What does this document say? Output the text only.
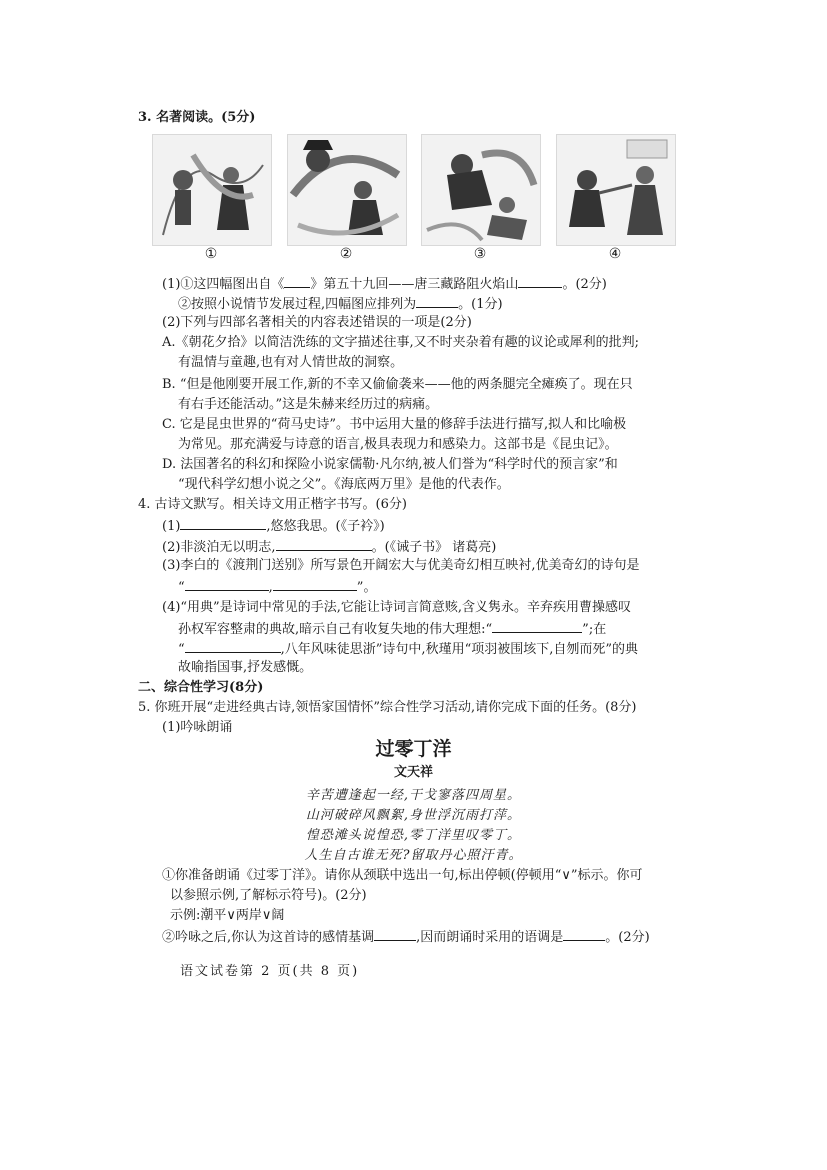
3. 名著阅读。(5分)
①	②	③	④
(1)①这四幅图出自《 》第五十九回——唐三藏路阻火焰山	。(2分)
②按照小说情节发展过程,四幅图应排列为	。(1分)
(2)下列与四部名著相关的内容表述错误的一项是(2分)
A.《朝花夕拾》以简洁洗练的文字描述往事,又不时夹杂着有趣的议论或犀利的批判;
有温情与童趣,也有对人情世故的洞察。
B. “但是他刚要开展工作,新的不幸又偷偷袭来——他的两条腿完全瘫痪了。现在只
有右手还能活动。”这是朱赫来经历过的病痛。
C. 它是昆虫世界的“荷马史诗”。书中运用大量的修辞手法进行描写,拟人和比喻极
为常见。那充满爱与诗意的语言,极具表现力和感染力。这部书是《昆虫记》。
D. 法国著名的科幻和探险小说家儒勒·凡尔纳,被人们誉为“科学时代的预言家”和
“现代科学幻想小说之父”。《海底两万里》是他的代表作。
4. 古诗文默写。相关诗文用正楷字书写。(6分)
(1)	,悠悠我思。(《子衿》)
(2)非淡泊无以明志,	。(《诫子书》 诸葛亮)
(3)李白的《渡荆门送别》所写景色开阔宏大与优美奇幻相互映衬,优美奇幻的诗句是
“	,	”。
(4)“用典”是诗词中常见的手法,它能让诗词言简意赅,含义隽永。辛弃疾用曹操感叹
孙权军容整肃的典故,暗示自己有收复失地的伟大理想:“	”;在
“	,八年风味徒思浙”诗句中,秋瑾用“项羽被围垓下,自刎而死”的典
故喻指国事,抒发感慨。
二、综合性学习(8分)
5. 你班开展“走进经典古诗,领悟家国情怀”综合性学习活动,请你完成下面的任务。(8分)
(1)吟咏朗诵
过零丁洋
文天祥
辛苦遭逢起一经,干戈寥落四周星。
山河破碎风飘絮,身世浮沉雨打萍。
惶恐滩头说惶恐,零丁洋里叹零丁。
人生自古谁无死?留取丹心照汗青。
①你准备朗诵《过零丁洋》。请你从颈联中选出一句,标出停顿(停顿用“∨”标示。你可
以参照示例,了解标示符号)。(2分)
示例:潮平∨两岸∨阔
②吟咏之后,你认为这首诗的感情基调	,因而朗诵时采用的语调是	。(2分)
语文试卷第 2 页(共 8 页)
